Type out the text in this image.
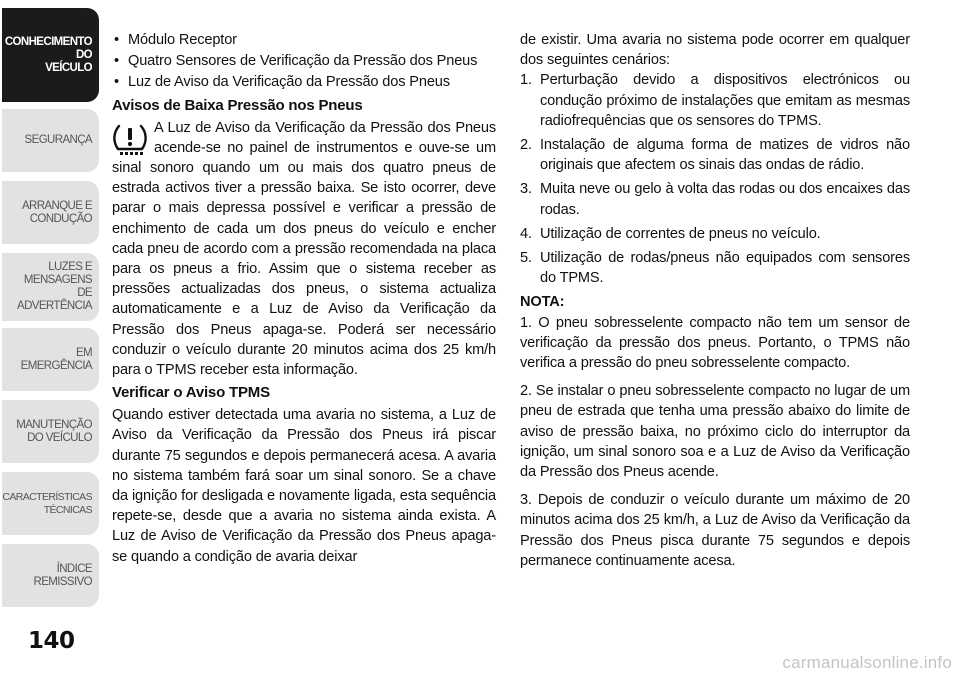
CONHECIMENTO
DO
VEÍCULO
SEGURANÇA
ARRANQUE E
CONDUÇÃO
LUZES E
MENSAGENS
DE
ADVERTÊNCIA
EM
EMERGÊNCIA
MANUTENÇÃO
DO VEÍCULO
CARACTERÍSTICAS
TÉCNICAS
ÍNDICE
REMISSIVO
140
• Módulo Receptor
• Quatro Sensores de Verificação da Pressão dos Pneus
• Luz de Aviso da Verificação da Pressão dos Pneus
Avisos de Baixa Pressão nos Pneus

A Luz de Aviso da Verificação da Pressão dos Pneus acende-se no painel de instrumentos e ouve-se um sinal sonoro quando um ou mais dos quatro pneus de estrada activos tiver a pressão baixa. Se isto ocorrer, deve parar o mais depressa possível e verificar a pressão de enchimento de cada um dos pneus do veículo e encher cada pneu de acordo com a pressão recomendada na placa para os pneus a frio. Assim que o sistema receber as pressões actualizadas dos pneus, o sistema actualiza automaticamente e a Luz de Aviso da Verificação da Pressão dos Pneus apaga-se. Poderá ser necessário conduzir o veículo durante 20 minutos acima dos 25 km/h para o TPMS receber esta informação.

Verificar o Aviso TPMS

Quando estiver detectada uma avaria no sistema, a Luz de Aviso da Verificação da Pressão dos Pneus irá piscar durante 75 segundos e depois permanecerá acesa. A avaria no sistema também fará soar um sinal sonoro. Se a chave da ignição for desligada e novamente ligada, esta sequência repete-se, desde que a avaria no sistema ainda exista. A Luz de Aviso de Verificação da Pressão dos Pneus apaga-se quando a condição de avaria deixar

de existir. Uma avaria no sistema pode ocorrer em qualquer dos seguintes cenários:

1. Perturbação devido a dispositivos electrónicos ou condução próximo de instalações que emitam as mesmas radiofrequências que os sensores do TPMS.
2. Instalação de alguma forma de matizes de vidros não originais que afectem os sinais das ondas de rádio.
3. Muita neve ou gelo à volta das rodas ou dos encaixes das rodas.
4. Utilização de correntes de pneus no veículo.
5. Utilização de rodas/pneus não equipados com sensores do TPMS.

NOTA:

1. O pneu sobresselente compacto não tem um sensor de verificação da pressão dos pneus. Portanto, o TPMS não verifica a pressão do pneu sobresselente compacto.

2. Se instalar o pneu sobresselente compacto no lugar de um pneu de estrada que tenha uma pressão abaixo do limite de aviso de pressão baixa, no próximo ciclo do interruptor da ignição, um sinal sonoro soa e a Luz de Aviso da Verificação da Pressão dos Pneus acende.

3. Depois de conduzir o veículo durante um máximo de 20 minutos acima dos 25 km/h, a Luz de Aviso da Verificação da Pressão dos Pneus pisca durante 75 segundos e depois permanece continuamente acesa.

carmanualsonline.info
